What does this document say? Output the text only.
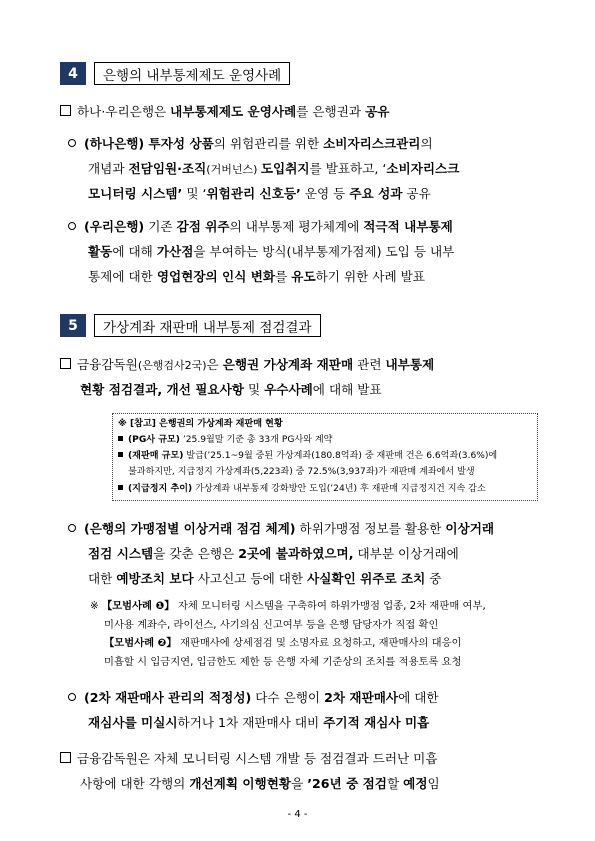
4	은행의 내부통제제도 운영사례
하나·우리은행은 내부통제제도 운영사례를 은행권과 공유
(하나은행) 투자성 상품의 위험관리를 위한 소비자리스크관리의
개념과 전담임원·조직(거버넌스) 도입취지를 발표하고, ‘소비자리스크
모니터링 시스템’ 및 ‘위험관리 신호등’ 운영 등 주요 성과 공유
(우리은행) 기존 감점 위주의 내부통제 평가체계에 적극적 내부통제
활동에 대해 가산점을 부여하는 방식(내부통제가점제) 도입 등 내부
통제에 대한 영업현장의 인식 변화를 유도하기 위한 사례 발표
5	가상계좌 재판매 내부통제 점검결과
금융감독원(은행검사2국)은 은행권 가상계좌 재판매 관련 내부통제
현황 점검결과, 개선 필요사항 및 우수사례에 대해 발표
※ [참고] 은행권의 가상계좌 재판매 현황
(PG사 규모) ’25.9월말 기준 총 33개 PG사와 계약
(재판매 규모) 발급(’25.1~9월 중된 가상계좌(180.8억좌) 중 재판매 건은 6.6억좌(3.6%)에
불과하지만, 지급정지 가상계좌(5,223좌) 중 72.5%(3,937좌)가 재판매 계좌에서 발생
(지급정지 추이) 가상계좌 내부통제 강화방안 도입(’24년) 후 재판매 지급정지건 지속 감소
(은행의 가맹점별 이상거래 점검 체계) 하위가맹점 정보를 활용한 이상거래
점검 시스템을 갖춘 은행은 2곳에 불과하였으며, 대부분 이상거래에
대한 예방조치 보다 사고신고 등에 대한 사실확인 위주로 조치 중
※ 【모범사례 ❶】 자체 모니터링 시스템을 구축하여 하위가맹점 업종, 2차 재판매 여부,
미사용 계좌수, 라이선스, 사기의심 신고여부 등을 은행 담당자가 직접 확인
【모범사례 ❷】 재판매사에 상세점검 및 소명자료 요청하고, 재판매사의 대응이
미흡할 시 입금지연, 입금한도 제한 등 은행 자체 기준상의 조치를 적용토록 요청
(2차 재판매사 관리의 적정성) 다수 은행이 2차 재판매사에 대한
재심사를 미실시하거나 1차 재판매사 대비 주기적 재심사 미흡
금융감독원은 자체 모니터링 시스템 개발 등 점검결과 드러난 미흡
사항에 대한 각행의 개선계획 이행현황을 ’26년 중 점검할 예정임
- 4 -
